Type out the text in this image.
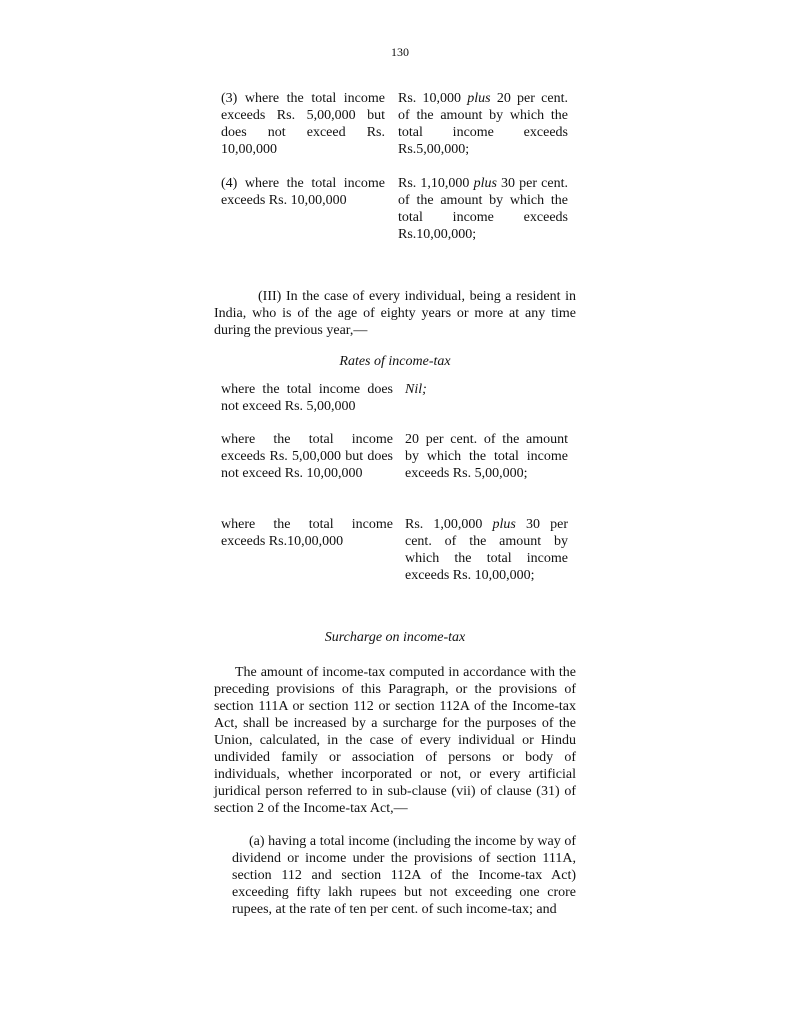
130
(3) where the total income exceeds Rs. 5,00,000 but does not exceed Rs. 10,00,000
Rs. 10,000 plus 20 per cent. of the amount by which the total income exceeds Rs.5,00,000;
(4) where the total income exceeds Rs. 10,00,000
Rs. 1,10,000 plus 30 per cent. of the amount by which the total income exceeds Rs.10,00,000;
(III) In the case of every individual, being a resident in India, who is of the age of eighty years or more at any time during the previous year,—
Rates of income-tax
where the total income does not exceed Rs. 5,00,000
Nil;
where the total income exceeds Rs. 5,00,000 but does not exceed Rs. 10,00,000
20 per cent. of the amount by which the total income exceeds Rs. 5,00,000;
where the total income exceeds Rs.10,00,000
Rs. 1,00,000 plus 30 per cent. of the amount by which the total income exceeds Rs. 10,00,000;
Surcharge on income-tax
The amount of income-tax computed in accordance with the preceding provisions of this Paragraph, or the provisions of section 111A or section 112 or section 112A of the Income-tax Act, shall be increased by a surcharge for the purposes of the Union, calculated, in the case of every individual or Hindu undivided family or association of persons or body of individuals, whether incorporated or not, or every artificial juridical person referred to in sub-clause (vii) of clause (31) of section 2 of the Income-tax Act,—
(a) having a total income (including the income by way of dividend or income under the provisions of section 111A, section 112 and section 112A of the Income-tax Act) exceeding fifty lakh rupees but not exceeding one crore rupees, at the rate of ten per cent. of such income-tax; and
